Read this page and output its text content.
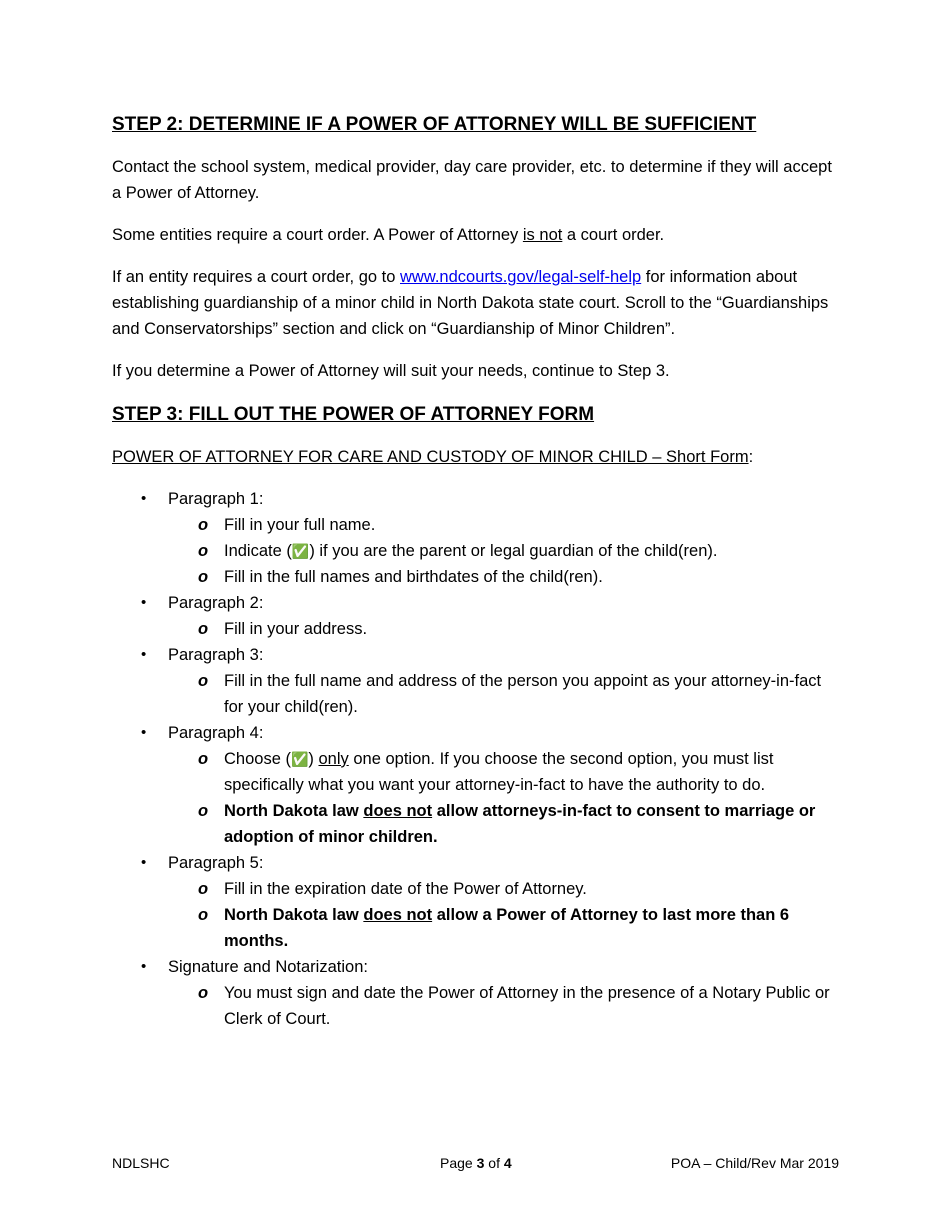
STEP 2: DETERMINE IF A POWER OF ATTORNEY WILL BE SUFFICIENT

Contact the school system, medical provider, day care provider, etc. to determine if they will accept a Power of Attorney.

Some entities require a court order. A Power of Attorney is not a court order.

If an entity requires a court order, go to www.ndcourts.gov/legal-self-help for information about establishing guardianship of a minor child in North Dakota state court. Scroll to the “Guardianships and Conservatorships” section and click on “Guardianship of Minor Children”.

If you determine a Power of Attorney will suit your needs, continue to Step 3.

STEP 3: FILL OUT THE POWER OF ATTORNEY FORM

POWER OF ATTORNEY FOR CARE AND CUSTODY OF MINOR CHILD – Short Form:

• Paragraph 1:
o Fill in your full name.
o Indicate (✅) if you are the parent or legal guardian of the child(ren).
o Fill in the full names and birthdates of the child(ren).
• Paragraph 2:
o Fill in your address.
• Paragraph 3:
o Fill in the full name and address of the person you appoint as your attorney-in-fact for your child(ren).
• Paragraph 4:
o Choose (✅) only one option. If you choose the second option, you must list specifically what you want your attorney-in-fact to have the authority to do.
o North Dakota law does not allow attorneys-in-fact to consent to marriage or adoption of minor children.
• Paragraph 5:
o Fill in the expiration date of the Power of Attorney.
o North Dakota law does not allow a Power of Attorney to last more than 6 months.
• Signature and Notarization:
o You must sign and date the Power of Attorney in the presence of a Notary Public or Clerk of Court.
NDLSHC	Page 3 of 4	POA – Child/Rev Mar 2019
